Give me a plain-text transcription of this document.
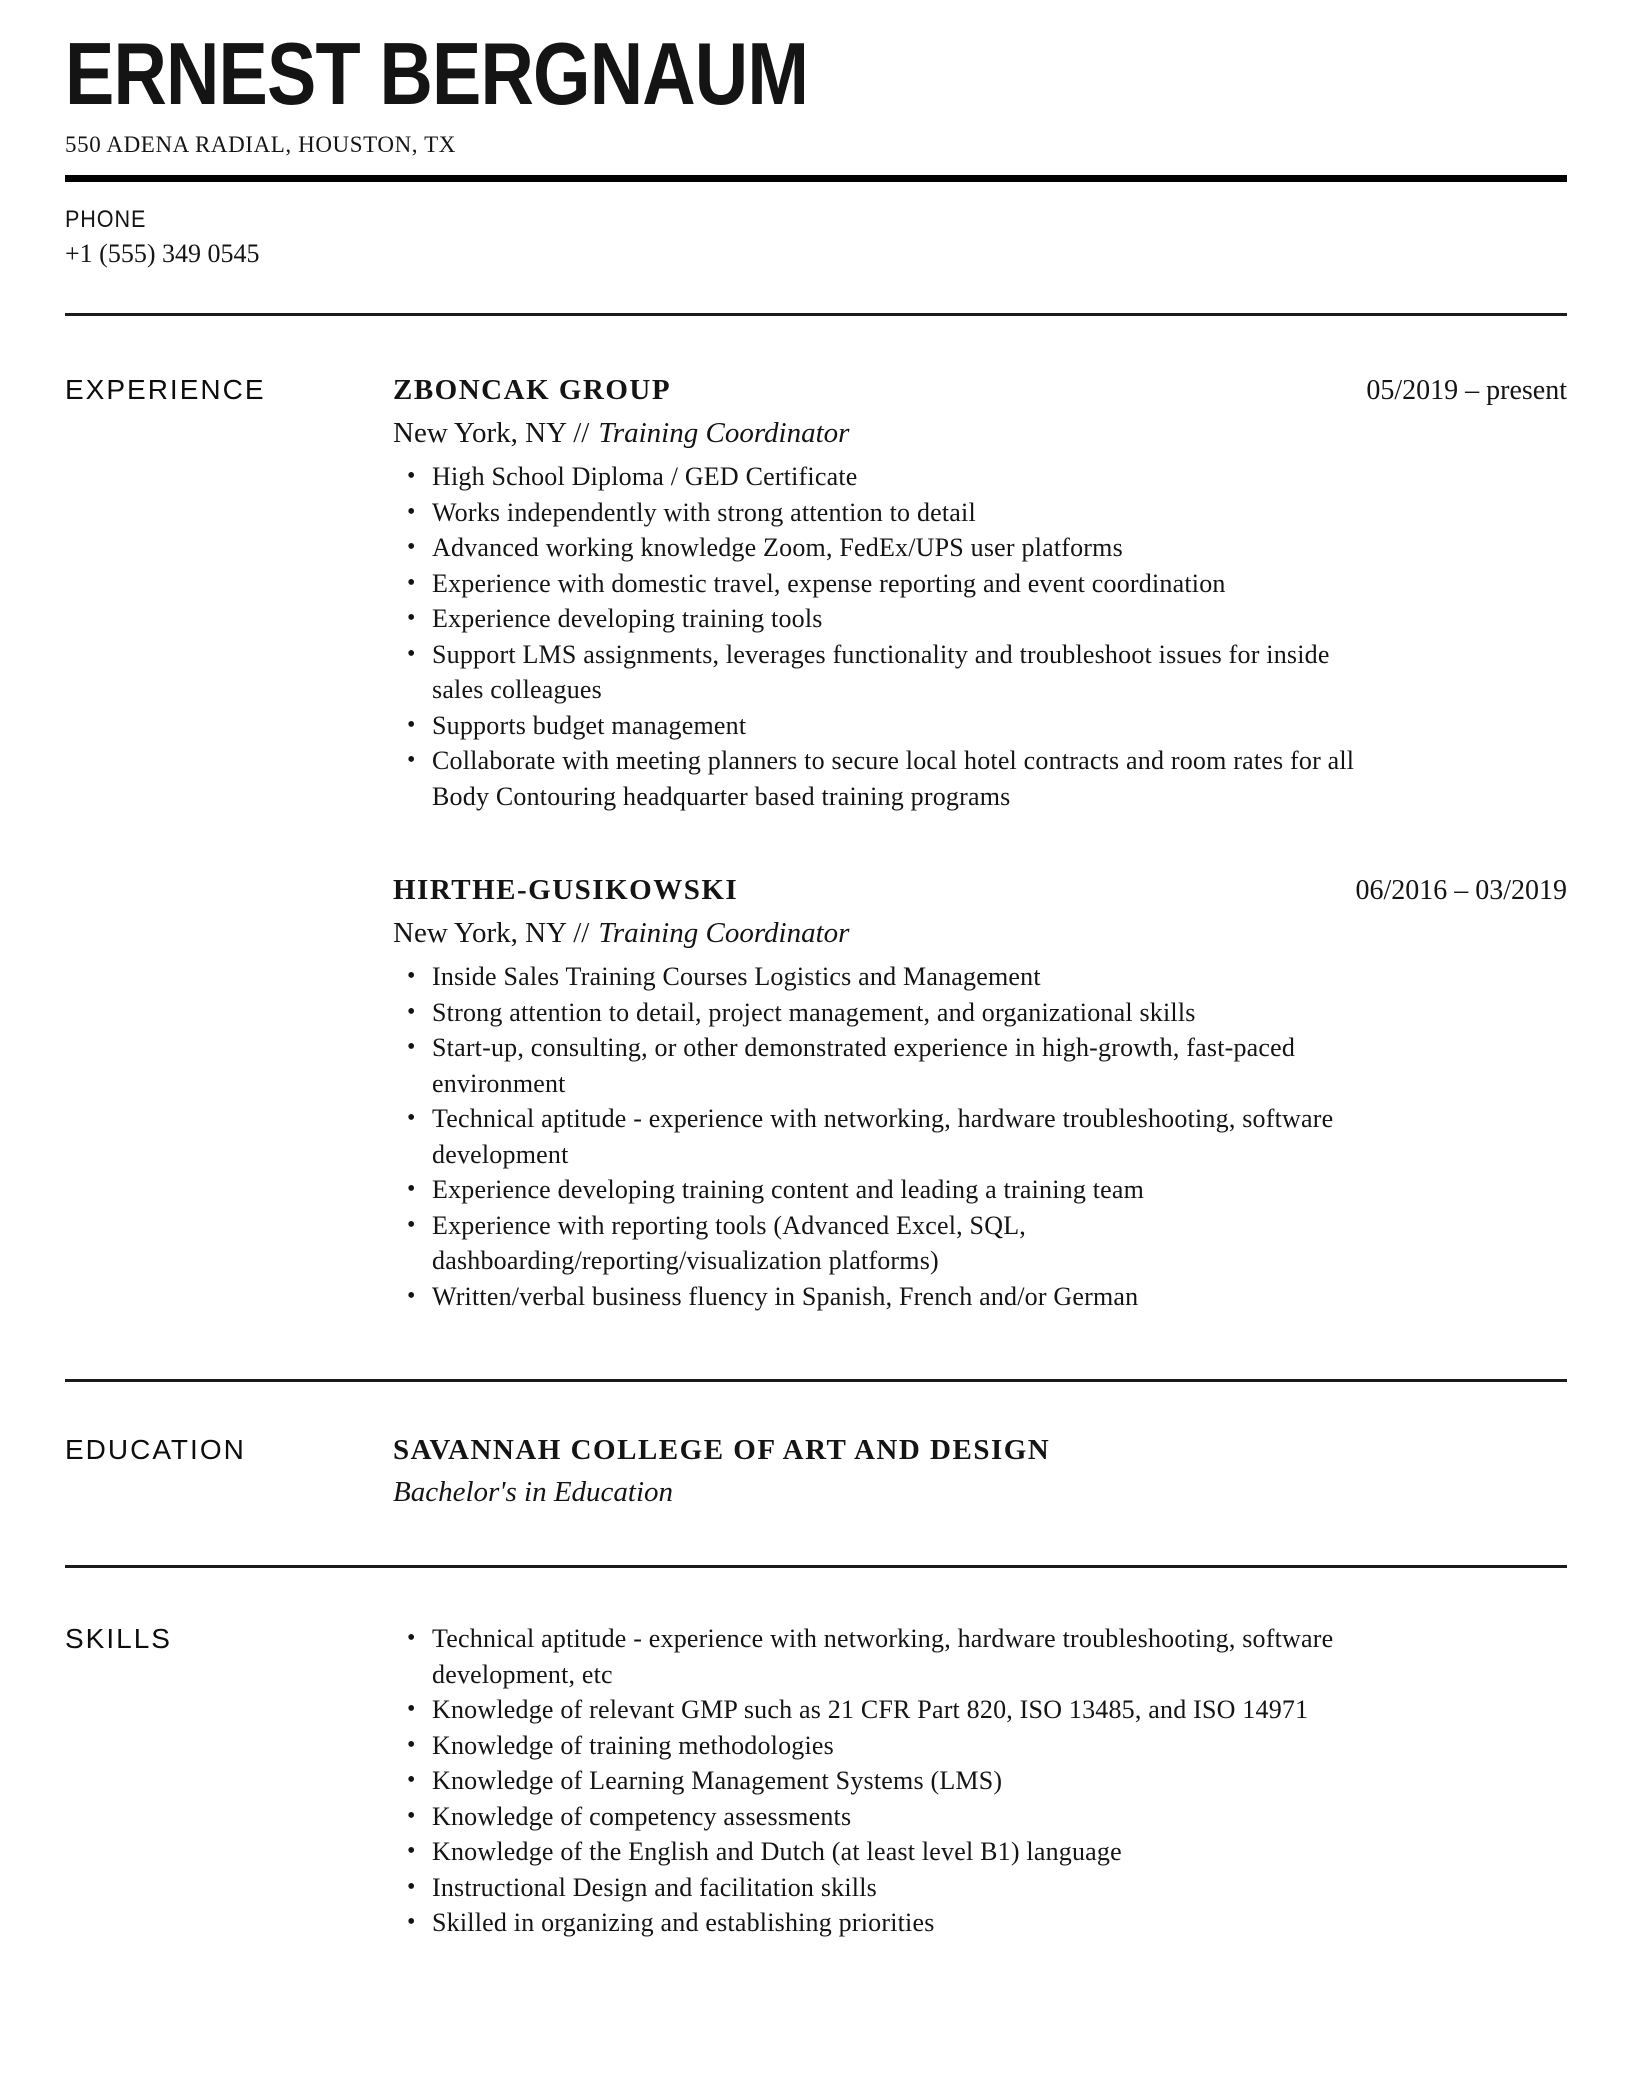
ERNEST BERGNAUM
550 ADENA RADIAL, HOUSTON, TX
PHONE
+1 (555) 349 0545
EXPERIENCE	ZBONCAK GROUP	05/2019 – present
New York, NY // Training Coordinator
• High School Diploma / GED Certificate
• Works independently with strong attention to detail
• Advanced working knowledge Zoom, FedEx/UPS user platforms
• Experience with domestic travel, expense reporting and event coordination
• Experience developing training tools
• Support LMS assignments, leverages functionality and troubleshoot issues for inside sales colleagues
• Supports budget management
• Collaborate with meeting planners to secure local hotel contracts and room rates for all Body Contouring headquarter based training programs
HIRTHE-GUSIKOWSKI	06/2016 – 03/2019
New York, NY // Training Coordinator
• Inside Sales Training Courses Logistics and Management
• Strong attention to detail, project management, and organizational skills
• Start-up, consulting, or other demonstrated experience in high-growth, fast-paced environment
• Technical aptitude - experience with networking, hardware troubleshooting, software development
• Experience developing training content and leading a training team
• Experience with reporting tools (Advanced Excel, SQL, dashboarding/reporting/visualization platforms)
• Written/verbal business fluency in Spanish, French and/or German
EDUCATION	SAVANNAH COLLEGE OF ART AND DESIGN
Bachelor's in Education
SKILLS	• Technical aptitude - experience with networking, hardware troubleshooting, software development, etc
• Knowledge of relevant GMP such as 21 CFR Part 820, ISO 13485, and ISO 14971
• Knowledge of training methodologies
• Knowledge of Learning Management Systems (LMS)
• Knowledge of competency assessments
• Knowledge of the English and Dutch (at least level B1) language
• Instructional Design and facilitation skills
• Skilled in organizing and establishing priorities
